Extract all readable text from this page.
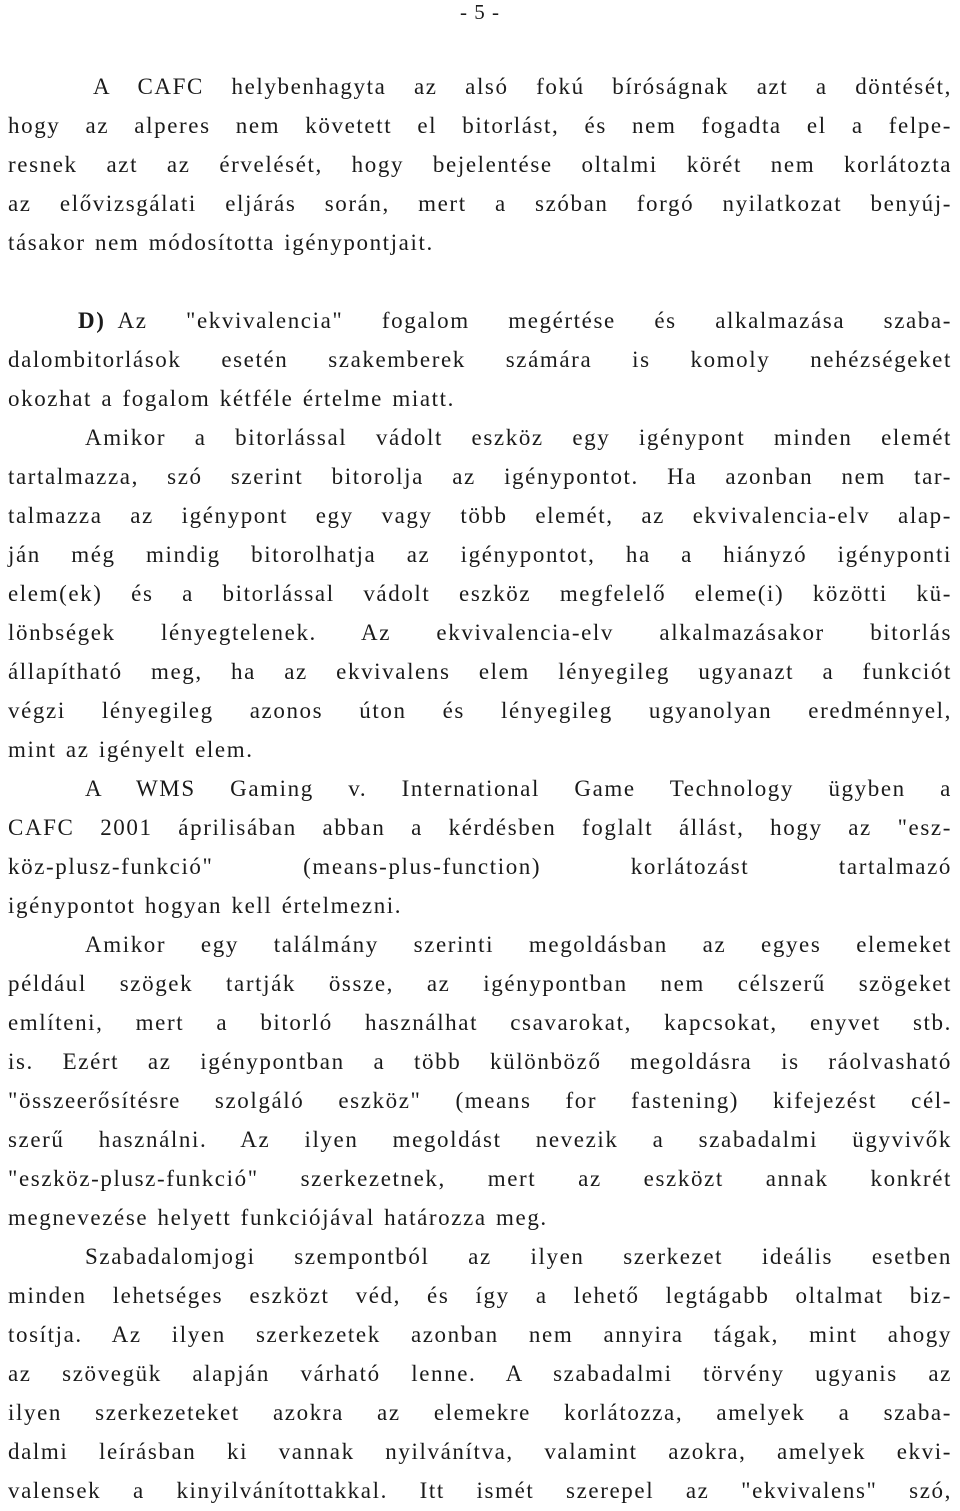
- 5 -
A CAFC helybenhagyta az alsó fokú bíróságnak azt a döntését,
hogy az alperes nem követett el bitorlást, és nem fogadta el a felpe-
resnek azt az érvelését, hogy bejelentése oltalmi körét nem korlátozta
az elővizsgálati eljárás során, mert a szóban forgó nyilatkozat benyúj-
tásakor nem módosította igénypontjait.
D) Az "ekvivalencia" fogalom megértése és alkalmazása szaba-
dalombitorlások esetén szakemberek számára is komoly nehézségeket
okozhat a fogalom kétféle értelme miatt.
Amikor a bitorlással vádolt eszköz egy igénypont minden elemét
tartalmazza, szó szerint bitorolja az igénypontot. Ha azonban nem tar-
talmazza az igénypont egy vagy több elemét, az ekvivalencia-elv alap-
ján még mindig bitorolhatja az igénypontot, ha a hiányzó igényponti
elem(ek) és a bitorlással vádolt eszköz megfelelő eleme(i) közötti kü-
lönbségek lényegtelenek. Az ekvivalencia-elv alkalmazásakor bitorlás
állapítható meg, ha az ekvivalens elem lényegileg ugyanazt a funkciót
végzi lényegileg azonos úton és lényegileg ugyanolyan eredménnyel,
mint az igényelt elem.
A WMS Gaming v. International Game Technology ügyben a
CAFC 2001 áprilisában abban a kérdésben foglalt állást, hogy az "esz-
köz-plusz-funkció" (means-plus-function) korlátozást tartalmazó
igénypontot hogyan kell értelmezni.
Amikor egy találmány szerinti megoldásban az egyes elemeket
például szögek tartják össze, az igénypontban nem célszerű szögeket
említeni, mert a bitorló használhat csavarokat, kapcsokat, enyvet stb.
is. Ezért az igénypontban a több különböző megoldásra is ráolvasható
"összeerősítésre szolgáló eszköz" (means for fastening) kifejezést cél-
szerű használni. Az ilyen megoldást nevezik a szabadalmi ügyvivők
"eszköz-plusz-funkció" szerkezetnek, mert az eszközt annak konkrét
megnevezése helyett funkciójával határozza meg.
Szabadalomjogi szempontból az ilyen szerkezet ideális esetben
minden lehetséges eszközt véd, és így a lehető legtágabb oltalmat biz-
tosítja. Az ilyen szerkezetek azonban nem annyira tágak, mint ahogy
az szövegük alapján várható lenne. A szabadalmi törvény ugyanis az
ilyen szerkezeteket azokra az elemekre korlátozza, amelyek a szaba-
dalmi leírásban ki vannak nyilvánítva, valamint azokra, amelyek ekvi-
valensek a kinyilvánítottakkal. Itt ismét szerepel az "ekvivalens" szó,
